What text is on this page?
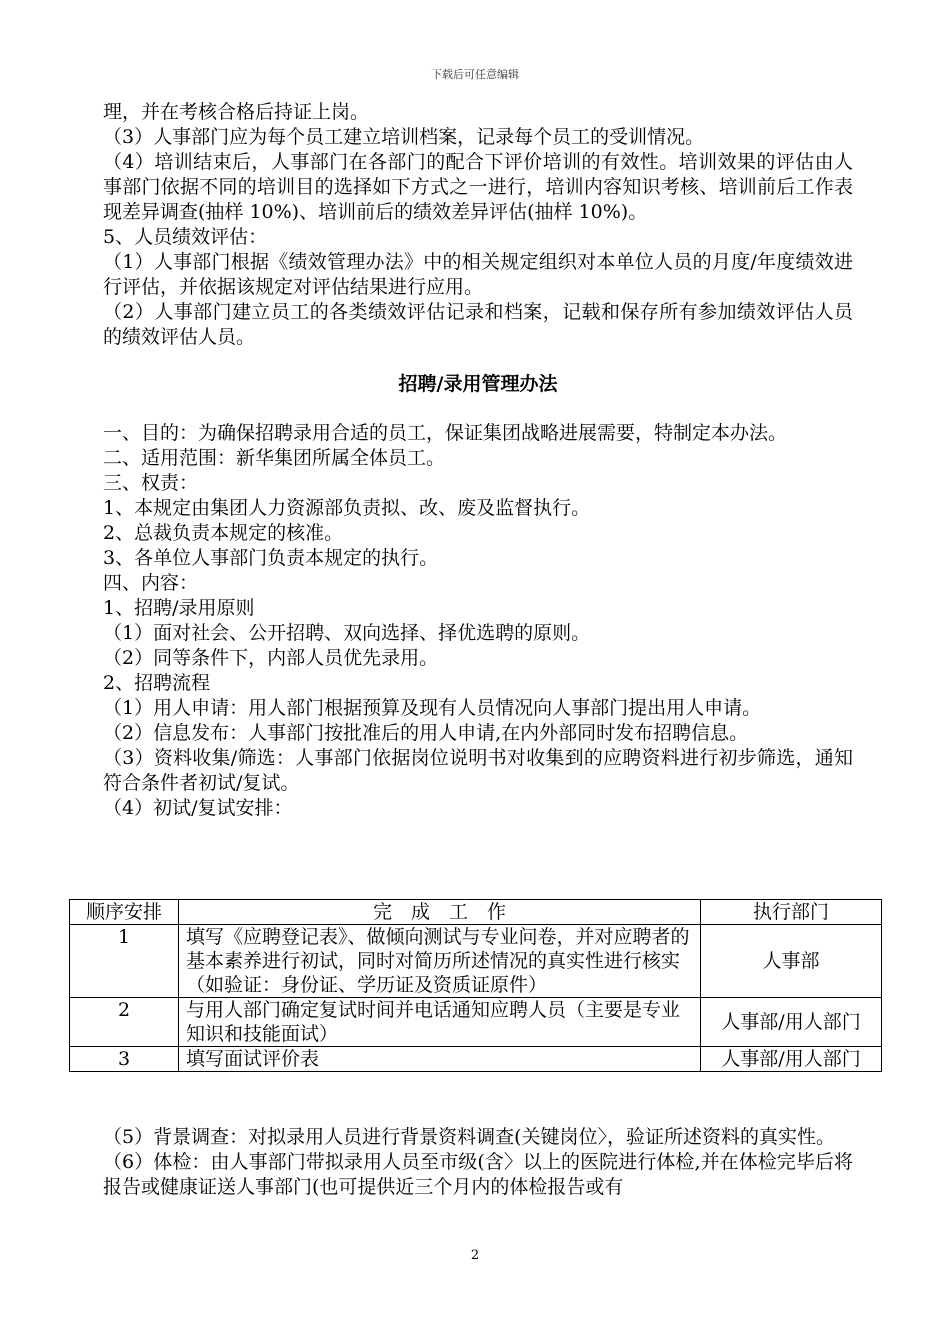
下载后可任意编辑

理，并在考核合格后持证上岗。

（3）人事部门应为每个员工建立培训档案，记录每个员工的受训情况。

（4）培训结束后，人事部门在各部门的配合下评价培训的有效性。培训效果的评估由人事部门依据不同的培训目的选择如下方式之一进行，培训内容知识考核、培训前后工作表现差异调查(抽样 10%)、培训前后的绩效差异评估(抽样 10%)。

5、人员绩效评估：

（1）人事部门根据《绩效管理办法》中的相关规定组织对本单位人员的月度/年度绩效进行评估，并依据该规定对评估结果进行应用。

（2）人事部门建立员工的各类绩效评估记录和档案，记载和保存所有参加绩效评估人员的绩效评估人员。

招聘/录用管理办法

一、目的：为确保招聘录用合适的员工，保证集团战略进展需要，特制定本办法。

二、适用范围：新华集团所属全体员工。

三、权责：

1、本规定由集团人力资源部负责拟、改、废及监督执行。

2、总裁负责本规定的核准。

3、各单位人事部门负责本规定的执行。

四、内容：

1、招聘/录用原则

（1）面对社会、公开招聘、双向选择、择优选聘的原则。

（2）同等条件下，内部人员优先录用。

2、招聘流程

（1）用人申请：用人部门根据预算及现有人员情况向人事部门提出用人申请。

（2）信息发布：人事部门按批准后的用人申请,在内外部同时发布招聘信息。

（3）资料收集/筛选：人事部门依据岗位说明书对收集到的应聘资料进行初步筛选，通知符合条件者初试/复试。

（4）初试/复试安排：

顺序安排	完　成　工　作	执行部门
1	填写《应聘登记表》、做倾向测试与专业问卷，并对应聘者的基本素养进行初试，同时对简历所述情况的真实性进行核实（如验证：身份证、学历证及资质证原件）	人事部
2	与用人部门确定复试时间并电话通知应聘人员（主要是专业知识和技能面试）	人事部/用人部门
3	填写面试评价表	人事部/用人部门

（5）背景调查：对拟录用人员进行背景资料调查(关键岗位〉，验证所述资料的真实性。

（6）体检：由人事部门带拟录用人员至市级(含〉以上的医院进行体检,并在体检完毕后将报告或健康证送人事部门(也可提供近三个月内的体检报告或有

2
